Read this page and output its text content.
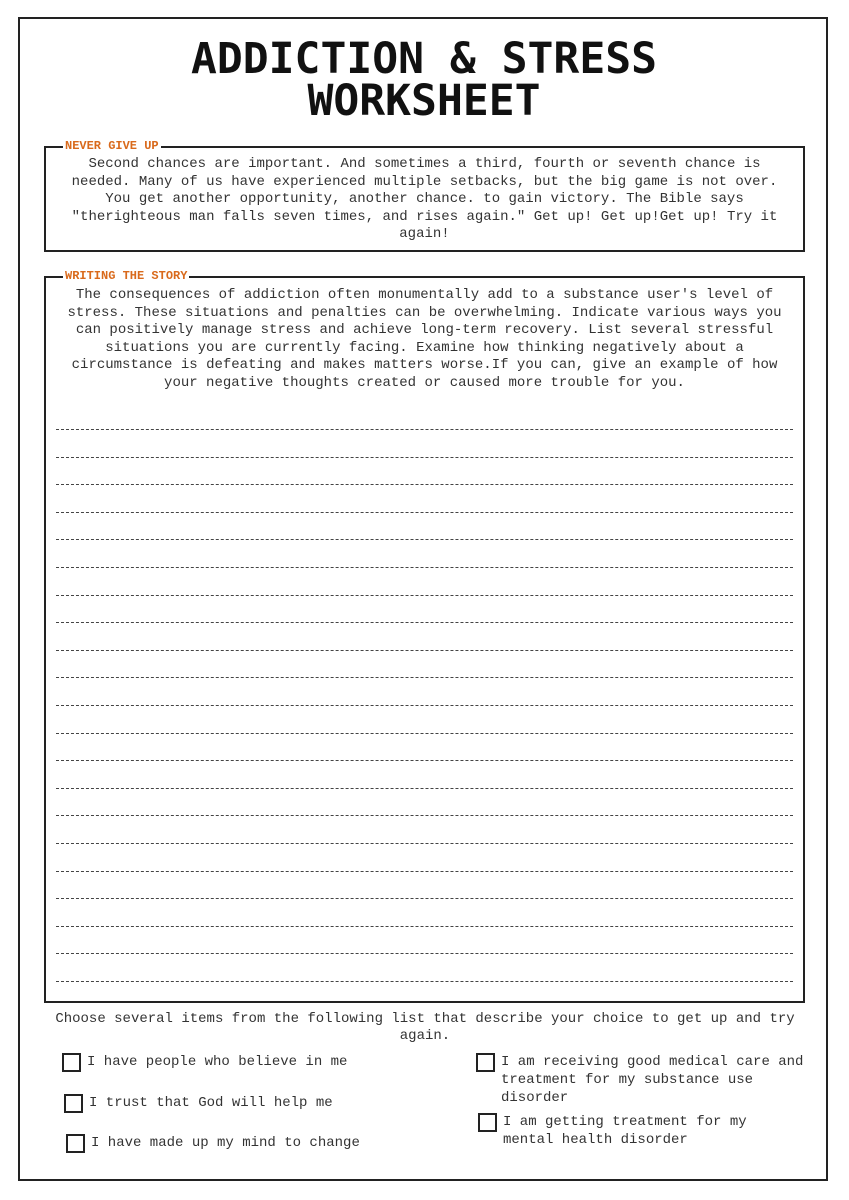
ADDICTION & STRESS
WORKSHEET
NEVER GIVE UP
Second chances are important. And sometimes a third, fourth or seventh chance is needed. Many of us have experienced multiple setbacks, but the big game is not over. You get another opportunity, another chance. to gain victory. The Bible says "therighteous man falls seven times, and rises again." Get up! Get up!Get up! Try it again!
WRITING THE STORY
The consequences of addiction often monumentally add to a substance user's level of stress. These situations and penalties can be overwhelming. Indicate various ways you can positively manage stress and achieve long-term recovery. List several stressful situations you are currently facing. Examine how thinking negatively about a circumstance is defeating and makes matters worse.If you can, give an example of how your negative thoughts created or caused more trouble for you.
Choose several items from the following list that describe your choice to get up and try again.
I have people who believe in me
I trust that God will help me
I have made up my mind to change
I am receiving good medical care and treatment for my substance use disorder
I am getting treatment for my mental health disorder
